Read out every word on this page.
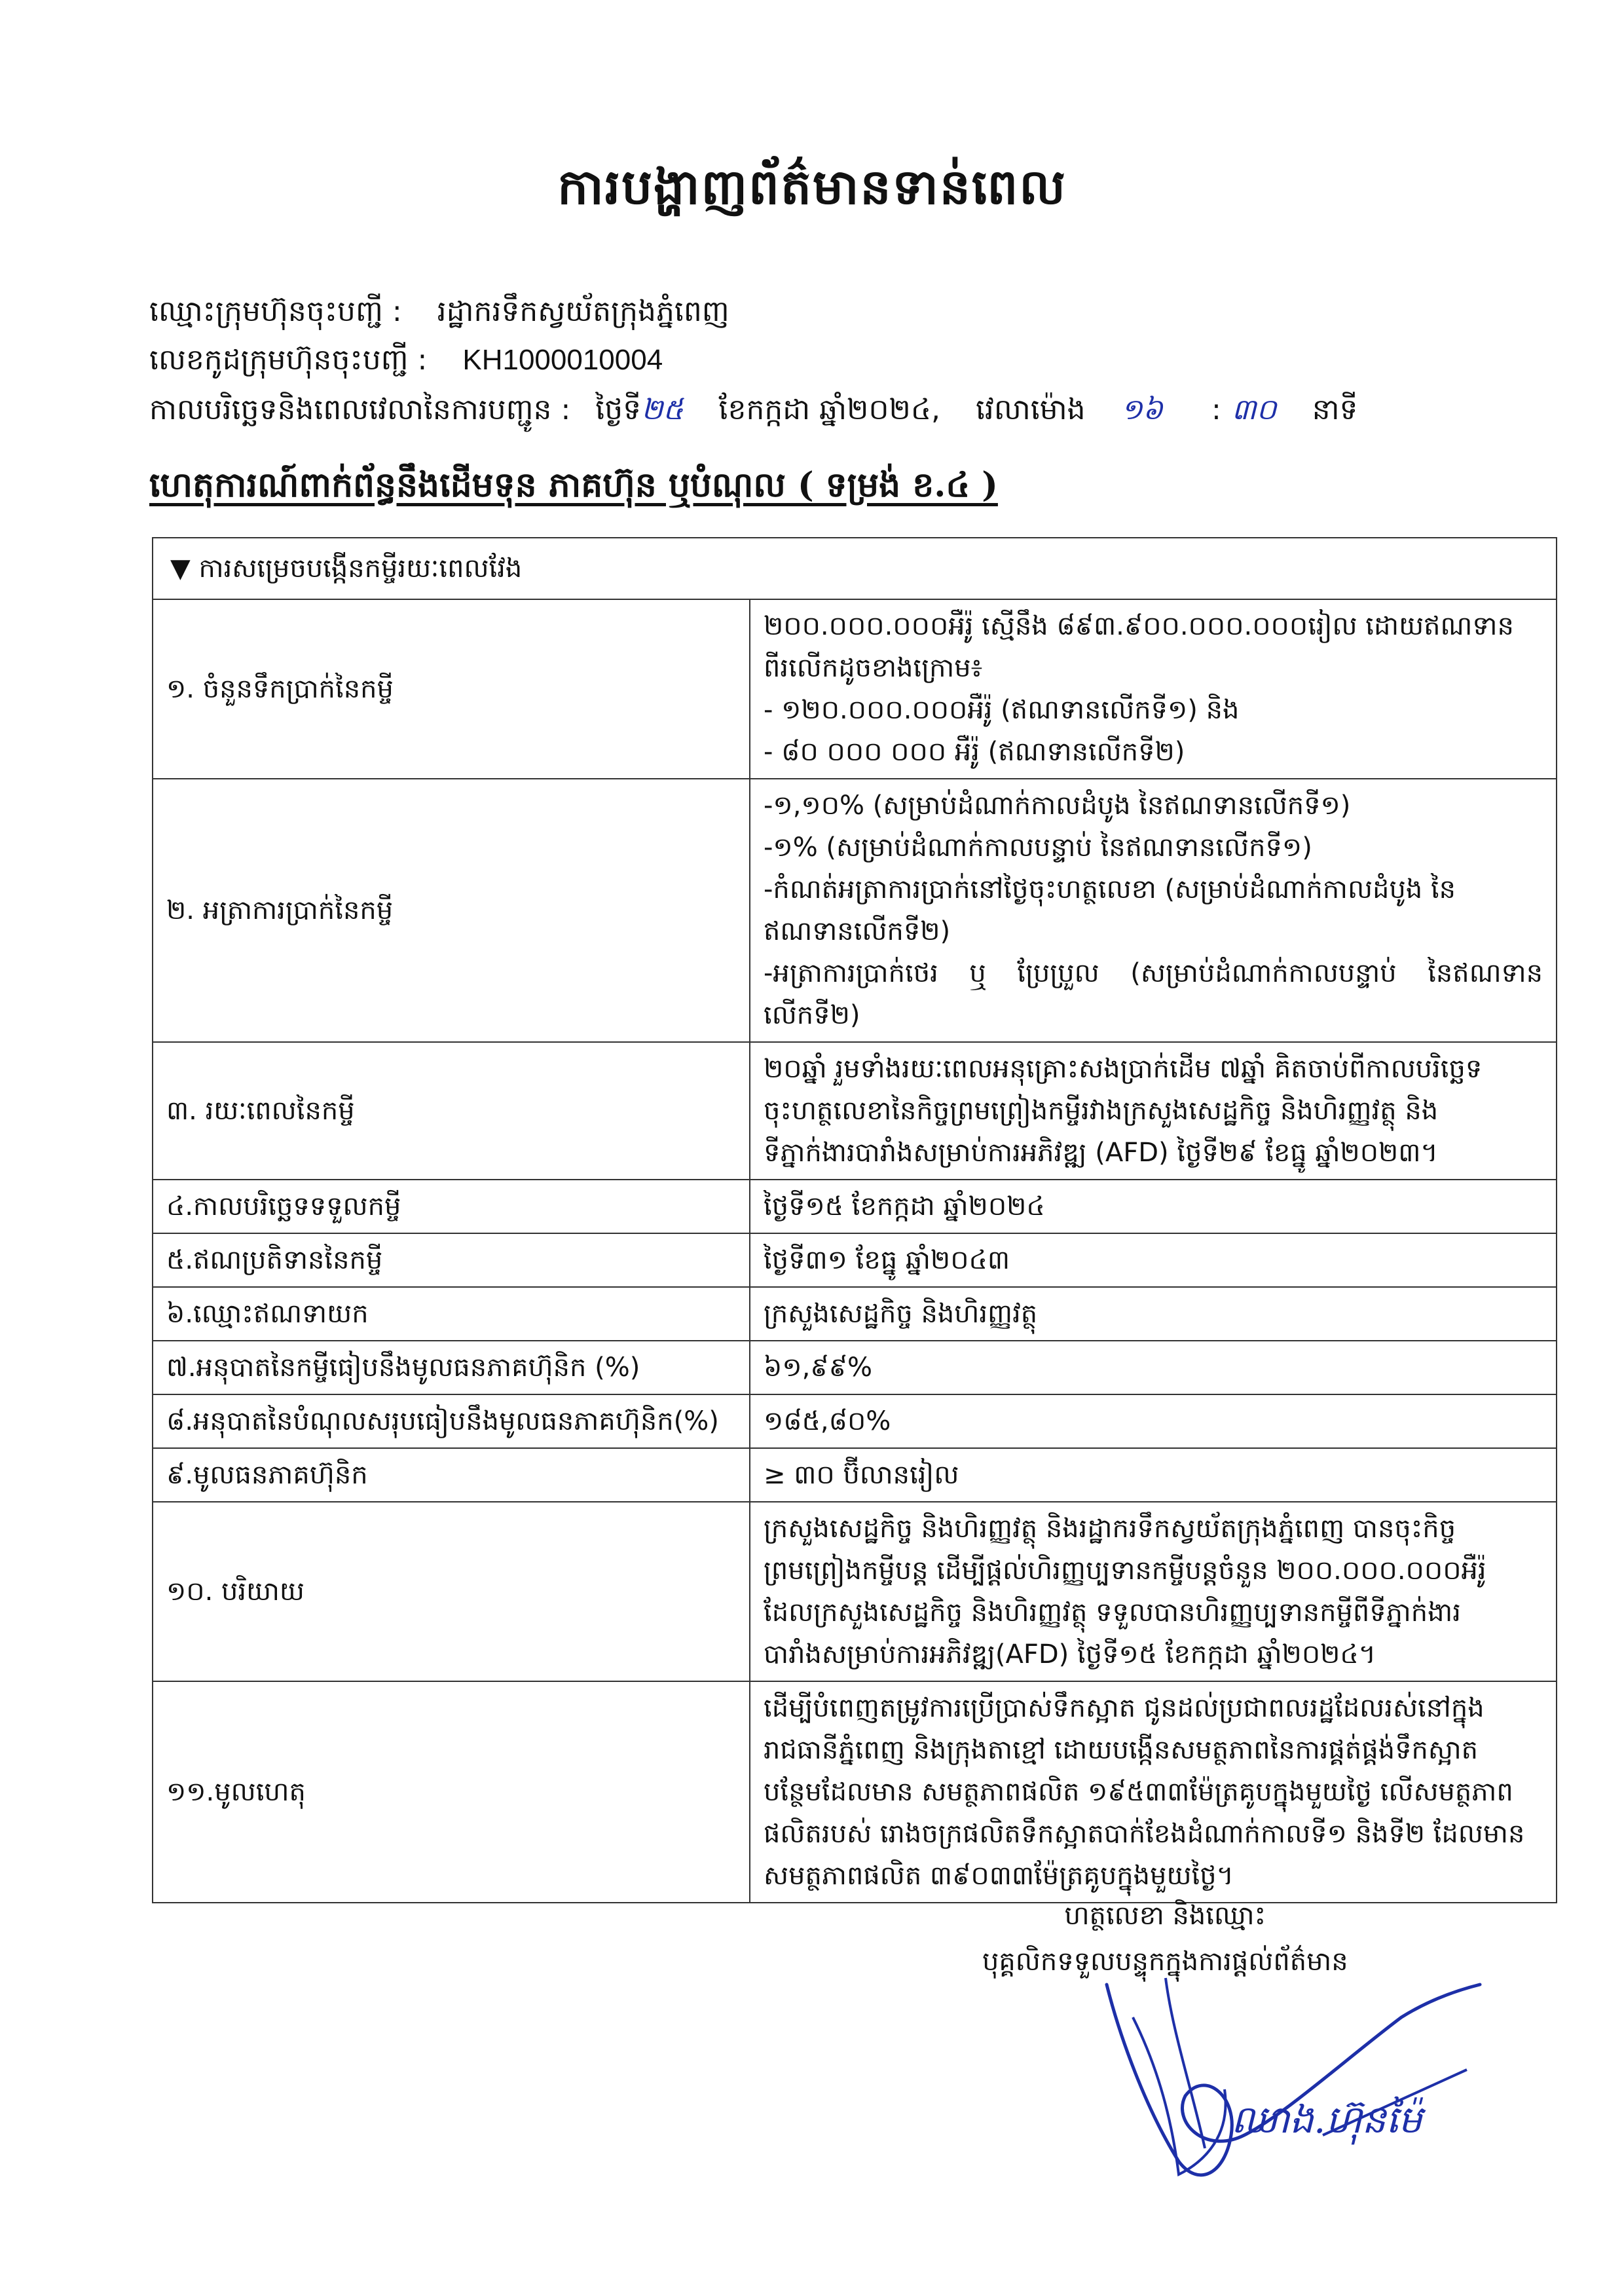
ការបង្ហាញព័ត៌មានទាន់ពេល
ឈ្មោះក្រុមហ៊ុនចុះបញ្ជី : រដ្ឋាករទឹកស្វយ័តក្រុងភ្នំពេញ
លេខកូដក្រុមហ៊ុនចុះបញ្ជី : KH1000010004
កាលបរិច្ឆេទនិងពេលវេលានៃការបញ្ជូន : ថ្ងៃទី២៥ ខែកក្កដា ឆ្នាំ២០២៤, វេលាម៉ោង ១៦ : ៣០ នាទី
ហេតុការណ៍ពាក់ព័ន្ធនឹងដើមទុន ភាគហ៊ុន ឬបំណុល ( ទម្រង់ ខ.៤ )
▼ ការសម្រេចបង្កើនកម្ចីរយៈពេលវែង	
១. ចំនួនទឹកប្រាក់នៃកម្ចី	២០០.០០០.០០០អឺរ៉ូ ស្មើនឹង ៨៩៣.៩០០.០០០.០០០រៀល ដោយឥណទាន
ពីរលើកដូចខាងក្រោម៖
- ១២០.០០០.០០០អឺរ៉ូ (ឥណទានលើកទី១) និង
- ៨០ ០០០ ០០០ អឺរ៉ូ (ឥណទានលើកទី២)

២. អត្រាការប្រាក់នៃកម្ចី	-១,១០% (សម្រាប់ដំណាក់កាលដំបូង នៃឥណទានលើកទី១)
-១% (សម្រាប់ដំណាក់កាលបន្ទាប់ នៃឥណទានលើកទី១)
-កំណត់អត្រាការប្រាក់នៅថ្ងៃចុះហត្ថលេខា (សម្រាប់ដំណាក់កាលដំបូង នៃ
ឥណទានលើកទី២)
-អត្រាការប្រាក់ថេរ ឬ ប្រែប្រួល (សម្រាប់ដំណាក់កាលបន្ទាប់ នៃឥណទានលើកទី២)

៣. រយៈពេលនៃកម្ចី	២០ឆ្នាំ រួមទាំងរយៈពេលអនុគ្រោះសងប្រាក់ដើម ៧ឆ្នាំ គិតចាប់ពីកាលបរិច្ឆេទ
ចុះហត្ថលេខានៃកិច្ចព្រមព្រៀងកម្ចីរវាងក្រសួងសេដ្ឋកិច្ច និងហិរញ្ញវត្ថុ និង
ទីភ្នាក់ងារបារាំងសម្រាប់ការអភិវឌ្ឍ (AFD) ថ្ងៃទី២៩ ខែធ្នូ ឆ្នាំ២០២៣។

៤.កាលបរិច្ឆេទទទួលកម្ចី	ថ្ងៃទី១៥ ខែកក្កដា ឆ្នាំ២០២៤

៥.ឥណប្រតិទាននៃកម្ចី	ថ្ងៃទី៣១ ខែធ្នូ ឆ្នាំ២០៤៣

៦.ឈ្មោះឥណទាយក	ក្រសួងសេដ្ឋកិច្ច និងហិរញ្ញវត្ថុ

៧.អនុបាតនៃកម្ចីធៀបនឹងមូលធនភាគហ៊ុនិក (%)	៦១,៩៩%

៨.អនុបាតនៃបំណុលសរុបធៀបនឹងមូលធនភាគហ៊ុនិក(%)	១៨៥,៨០%

៩.មូលធនភាគហ៊ុនិក	≥ ៣០ ប៊ីលានរៀល

១០. បរិយាយ	ក្រសួងសេដ្ឋកិច្ច និងហិរញ្ញវត្ថុ និងរដ្ឋាករទឹកស្វយ័តក្រុងភ្នំពេញ បានចុះកិច្ច
ព្រមព្រៀងកម្ចីបន្ត ដើម្បីផ្តល់ហិរញ្ញប្បទានកម្ចីបន្តចំនួន ២០០.០០០.០០០អឺរ៉ូ
ដែលក្រសួងសេដ្ឋកិច្ច និងហិរញ្ញវត្ថុ ទទួលបានហិរញ្ញប្បទានកម្ចីពីទីភ្នាក់ងារ
បារាំងសម្រាប់ការអភិវឌ្ឍ(AFD) ថ្ងៃទី១៥ ខែកក្កដា ឆ្នាំ២០២៤។

១១.មូលហេតុ	ដើម្បីបំពេញតម្រូវការប្រើប្រាស់ទឹកស្អាត ជូនដល់ប្រជាពលរដ្ឋដែលរស់នៅក្នុង
រាជធានីភ្នំពេញ និងក្រុងតាខ្មៅ ដោយបង្កើនសមត្ថភាពនៃការផ្គត់ផ្គង់ទឹកស្អាត
បន្ថែមដែលមាន សមត្ថភាពផលិត ១៩៥៣៣ម៉ែត្រគូបក្នុងមួយថ្ងៃ លើសមត្ថភាព
ផលិតរបស់ រោងចក្រផលិតទឹកស្អាតបាក់ខែងដំណាក់កាលទី១ និងទី២ ដែលមាន
សមត្ថភាពផលិត ៣៩០៣៣ម៉ែត្រគូបក្នុងមួយថ្ងៃ។
ហត្ថលេខា និងឈ្មោះ
បុគ្គលិកទទួលបន្ទុកក្នុងការផ្តល់ព័ត៌មាន
ឈាង.ហ៊ុនម៉ៃ
